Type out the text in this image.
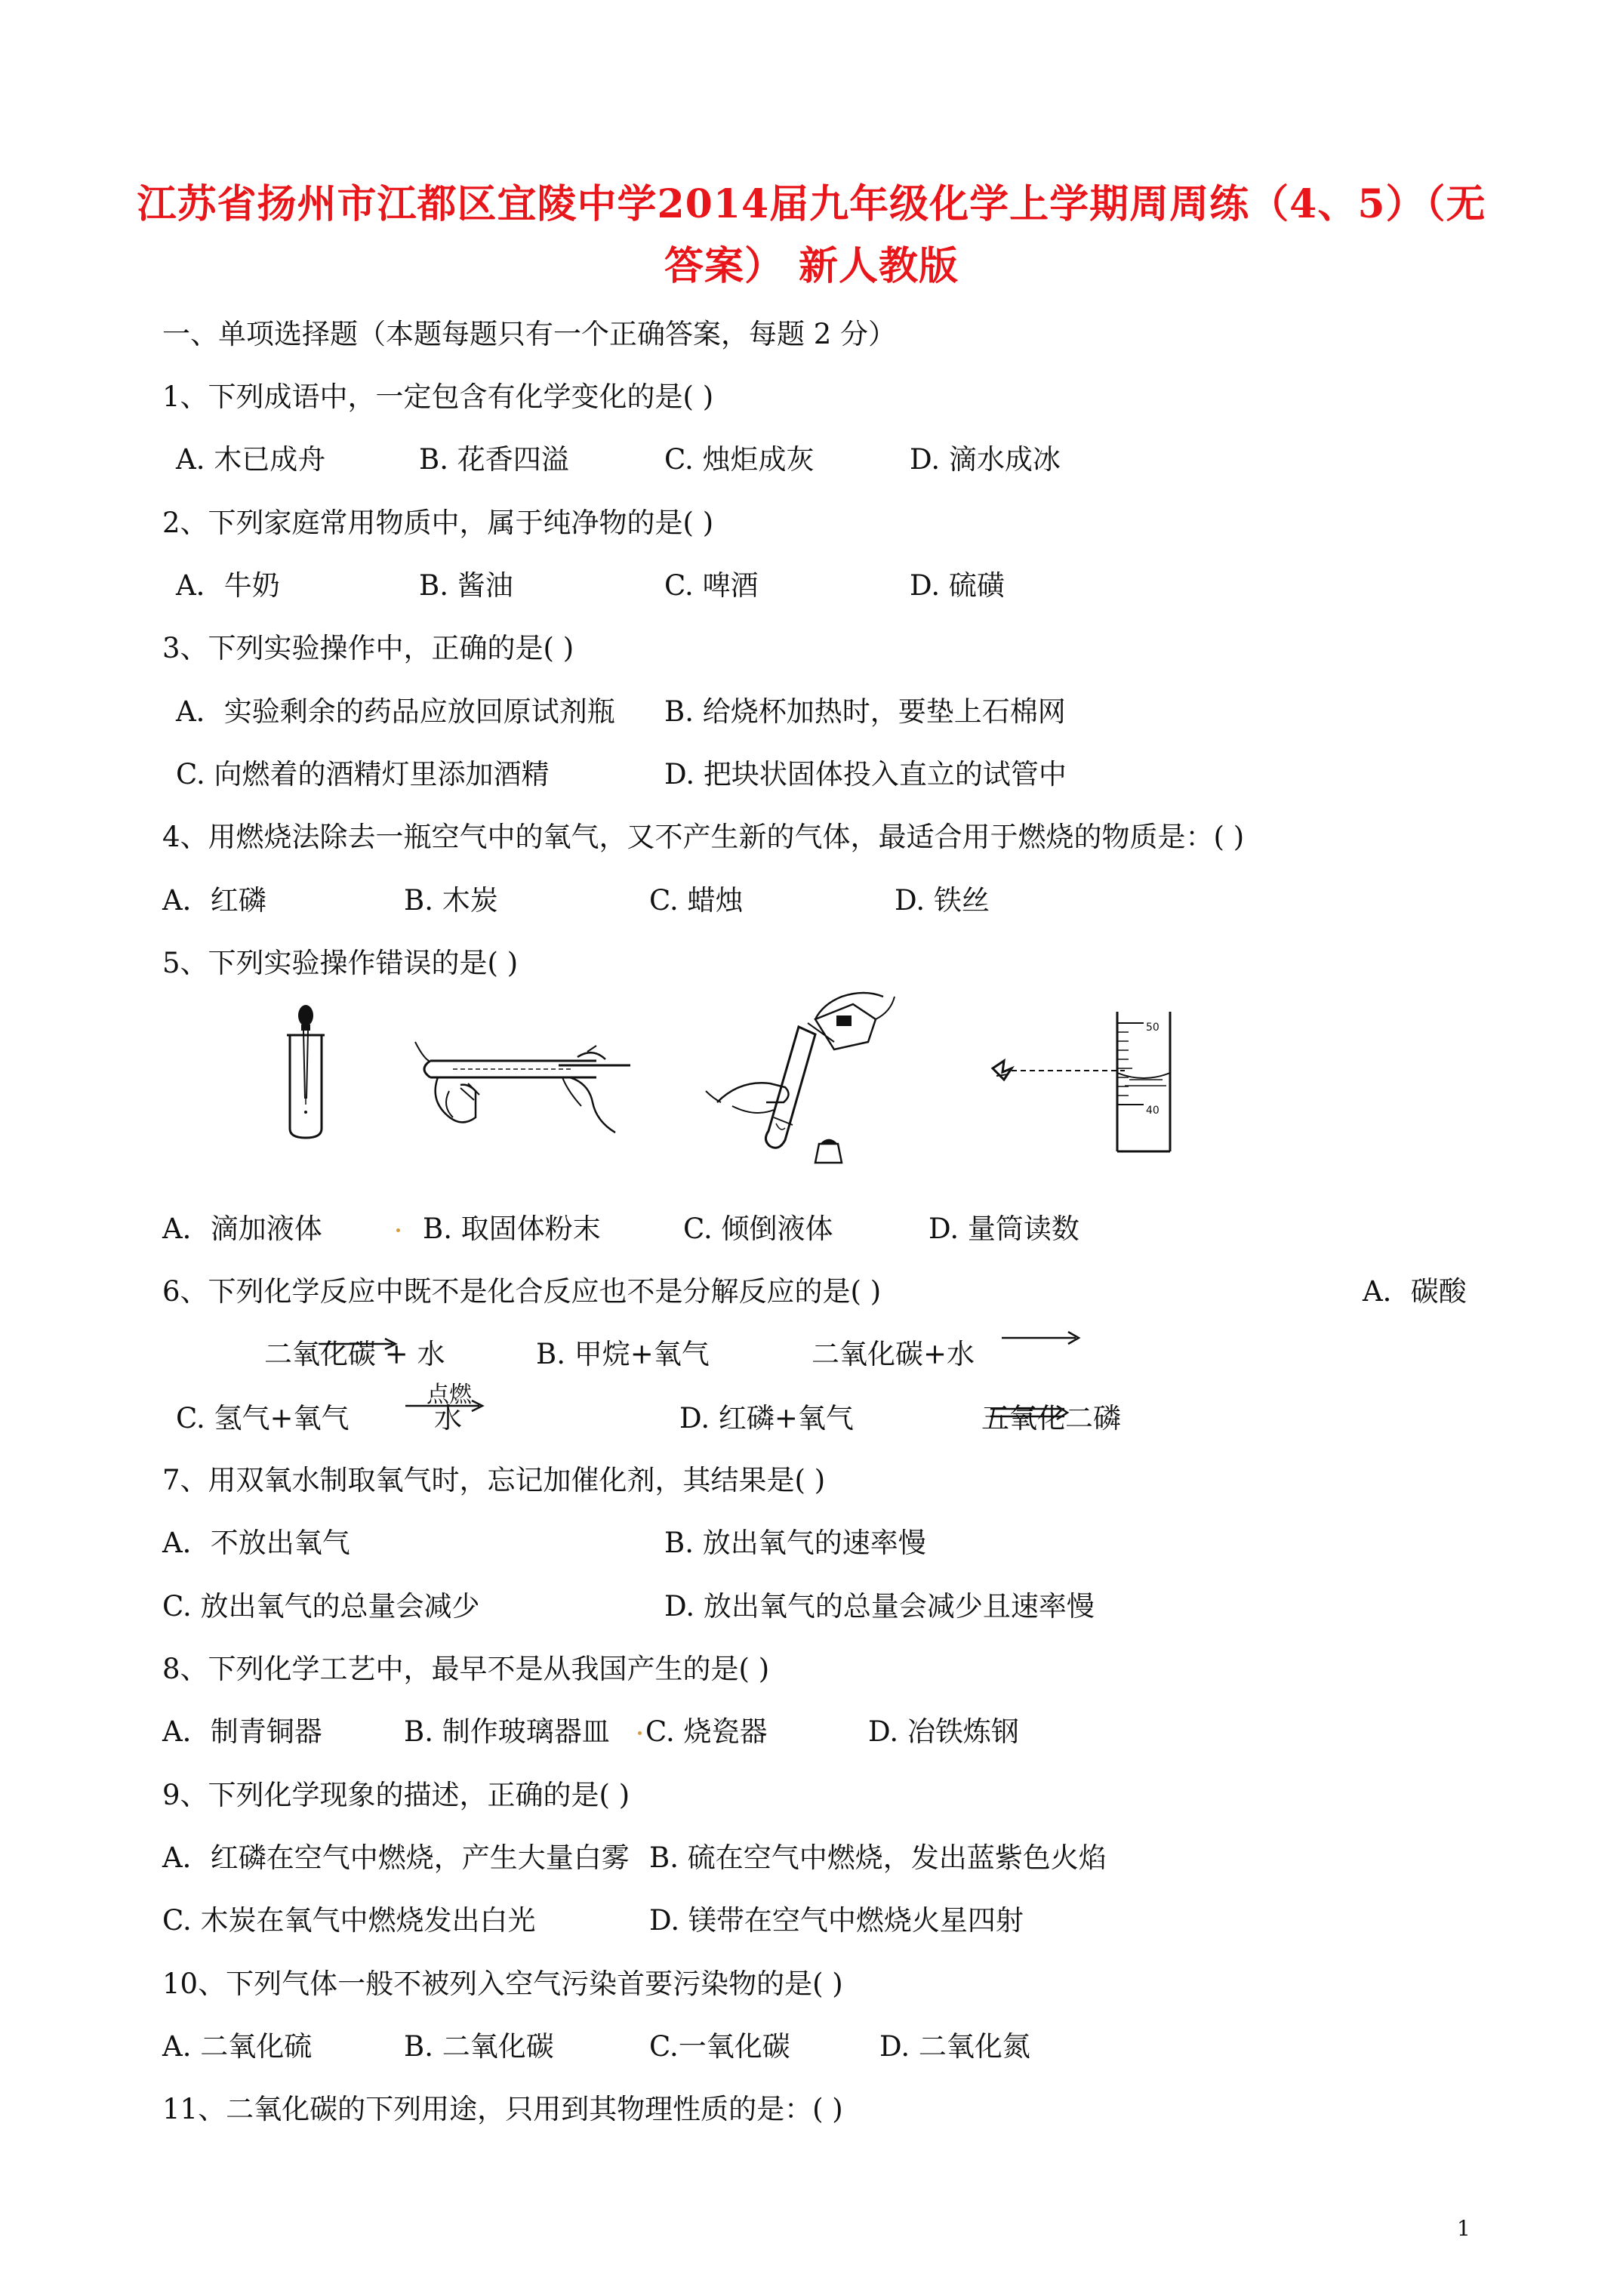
江苏省扬州市江都区宜陵中学2014届九年级化学上学期周周练（4、5）（无
答案） 新人教版
一、单项选择题（本题每题只有一个正确答案，每题 2 分）
1、下列成语中，一定包含有化学变化的是( )
A. 木已成舟	B. 花香四溢	C. 烛炬成灰	D. 滴水成冰
2、下列家庭常用物质中，属于纯净物的是( )
A．牛奶	B. 酱油	C. 啤酒	D. 硫磺
3、下列实验操作中，正确的是( )
A．实验剩余的药品应放回原试剂瓶 B. 给烧杯加热时，要垫上石棉网
C. 向燃着的酒精灯里添加酒精	D. 把块状固体投入直立的试管中
4、用燃烧法除去一瓶空气中的氧气，又不产生新的气体，最适合用于燃烧的物质是：( )
A．红磷	B. 木炭	C. 蜡烛	D. 铁丝
5、下列实验操作错误的是( )
50
40
A．滴加液体	B. 取固体粉末	C. 倾倒液体	D. 量筒读数
6、下列化学反应中既不是化合反应也不是分解反应的是( )	A．碳酸
二氧化碳 + 水	B. 甲烷+氧气	二氧化碳+水
C. 氢气+氧气
点燃
水	D. 红磷+氧气	五氧化二磷
7、用双氧水制取氧气时，忘记加催化剂，其结果是( )
A．不放出氧气	B. 放出氧气的速率慢
C. 放出氧气的总量会减少	D. 放出氧气的总量会减少且速率慢
8、下列化学工艺中，最早不是从我国产生的是( )
A．制青铜器	B. 制作玻璃器皿 C. 烧瓷器	D. 冶铁炼钢
9、下列化学现象的描述，正确的是( )
A．红磷在空气中燃烧，产生大量白雾 B. 硫在空气中燃烧，发出蓝紫色火焰
C. 木炭在氧气中燃烧发出白光	D. 镁带在空气中燃烧火星四射
10、下列气体一般不被列入空气污染首要污染物的是( )
A. 二氧化硫	B. 二氧化碳	C.一氧化碳	D. 二氧化氮
11、二氧化碳的下列用途，只用到其物理性质的是：( )
1
